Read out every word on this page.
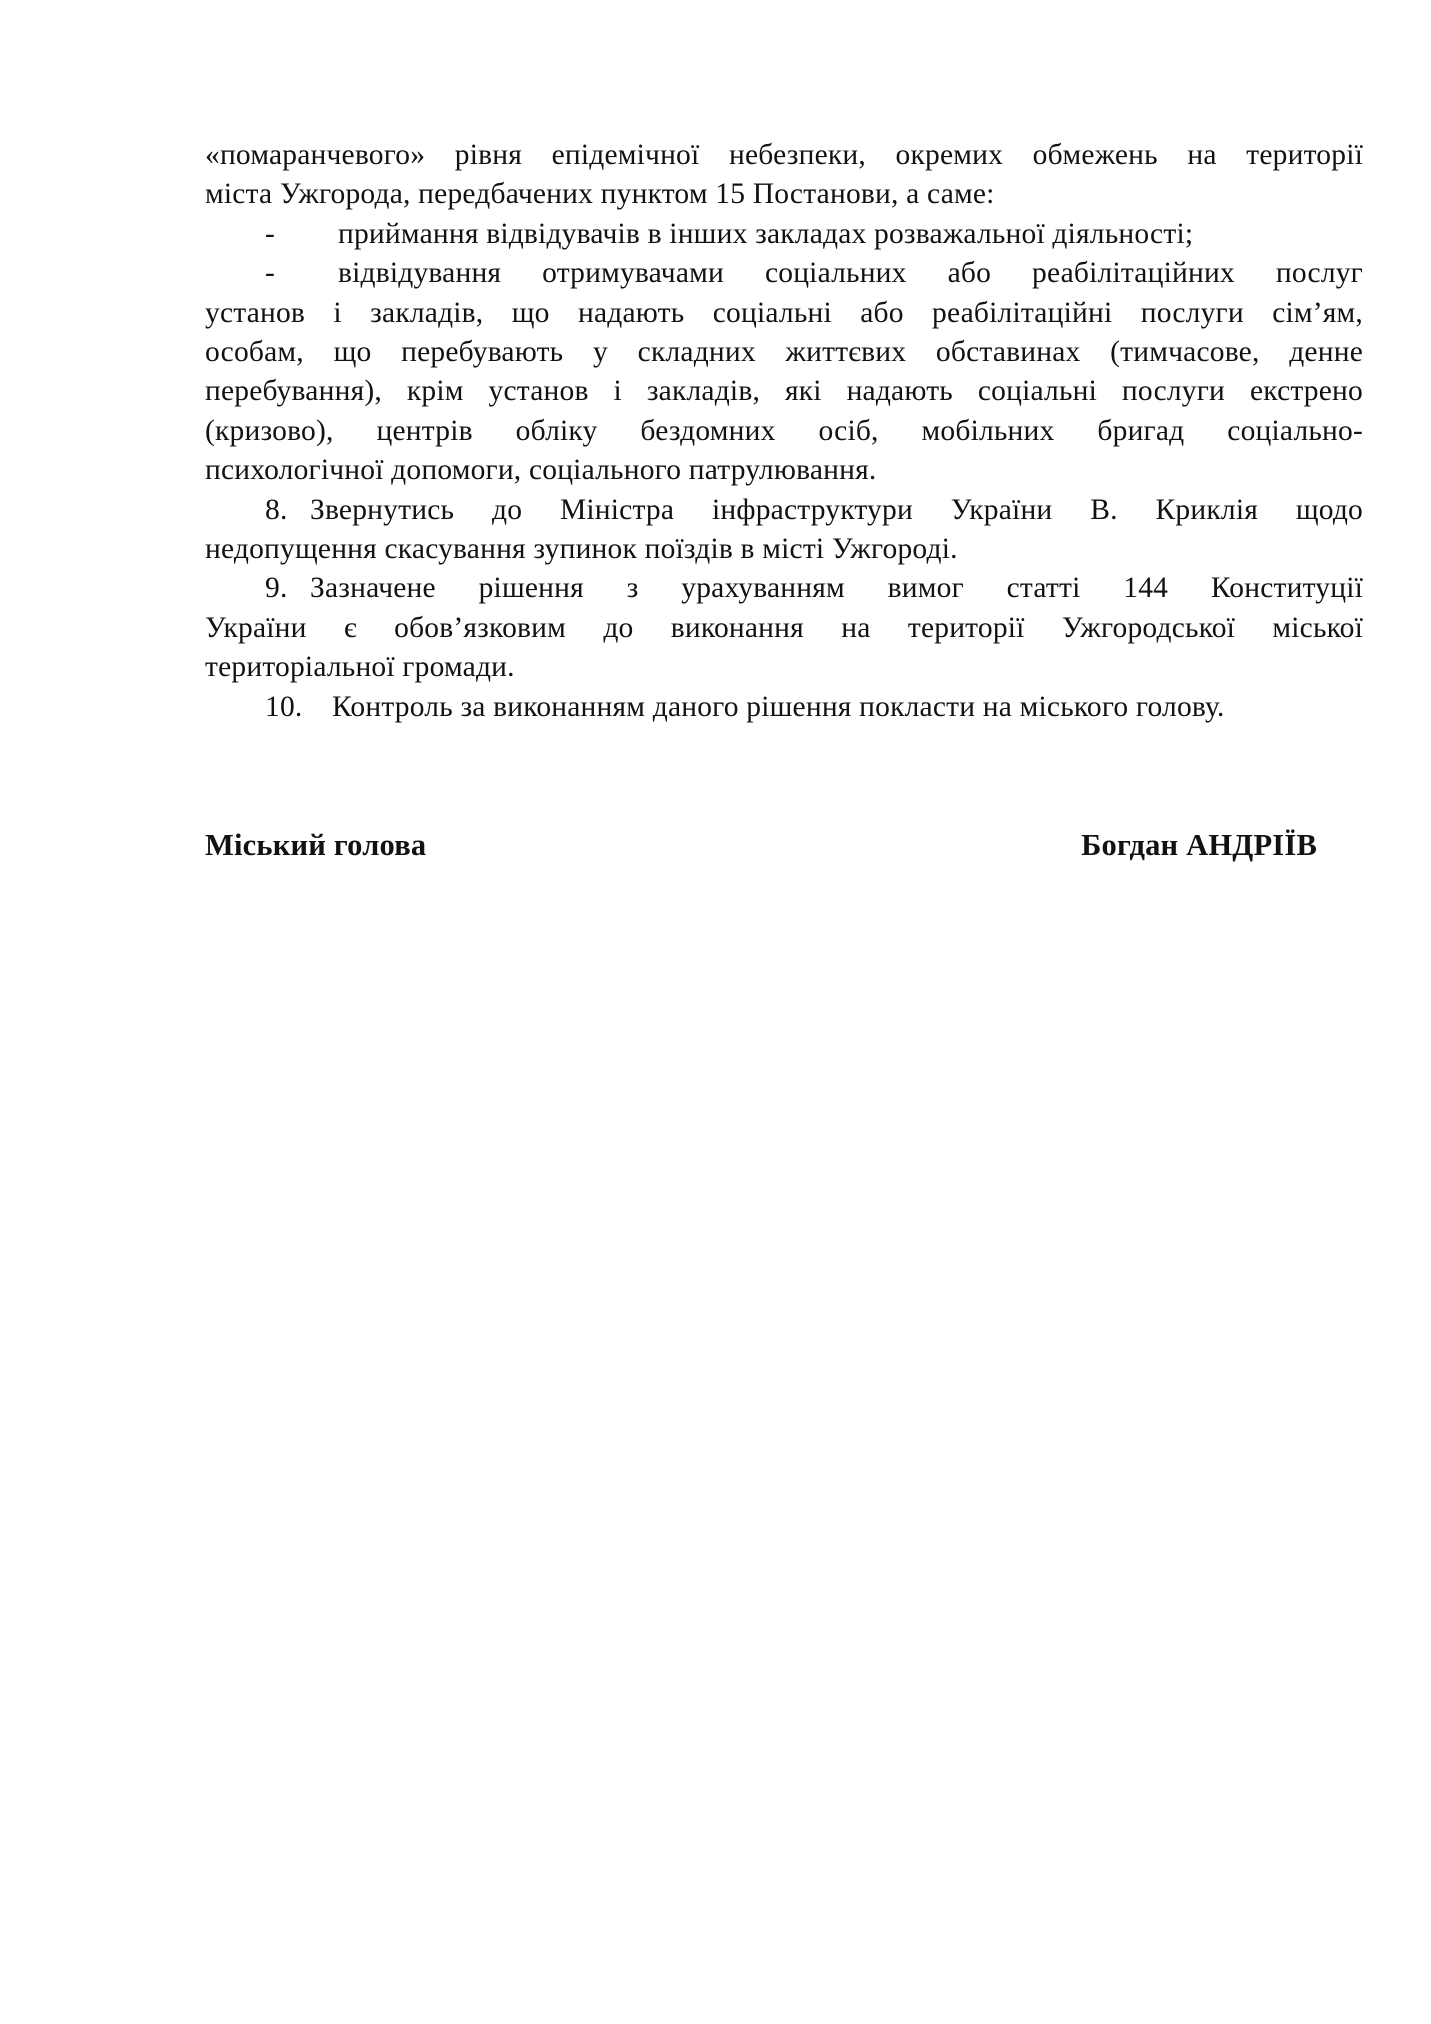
«помаранчевого» рівня епідемічної небезпеки, окремих обмежень на території
міста Ужгорода, передбачених пунктом 15 Постанови, а саме:
- приймання відвідувачів в інших закладах розважальної діяльності;
- відвідування отримувачами соціальних або реабілітаційних послуг
установ і закладів, що надають соціальні або реабілітаційні послуги сім’ям,
особам, що перебувають у складних життєвих обставинах (тимчасове, денне
перебування), крім установ і закладів, які надають соціальні послуги екстрено
(кризово), центрів обліку бездомних осіб, мобільних бригад соціально-
психологічної допомоги, соціального патрулювання.
8. Звернутись до Міністра інфраструктури України В. Криклія щодо
недопущення скасування зупинок поїздів в місті Ужгороді.
9. Зазначене рішення з урахуванням вимог статті 144 Конституції
України є обов’язковим до виконання на території Ужгородської міської
територіальної громади.
10. Контроль за виконанням даного рішення покласти на міського голову.
Міський голова	Богдан АНДРІЇВ
